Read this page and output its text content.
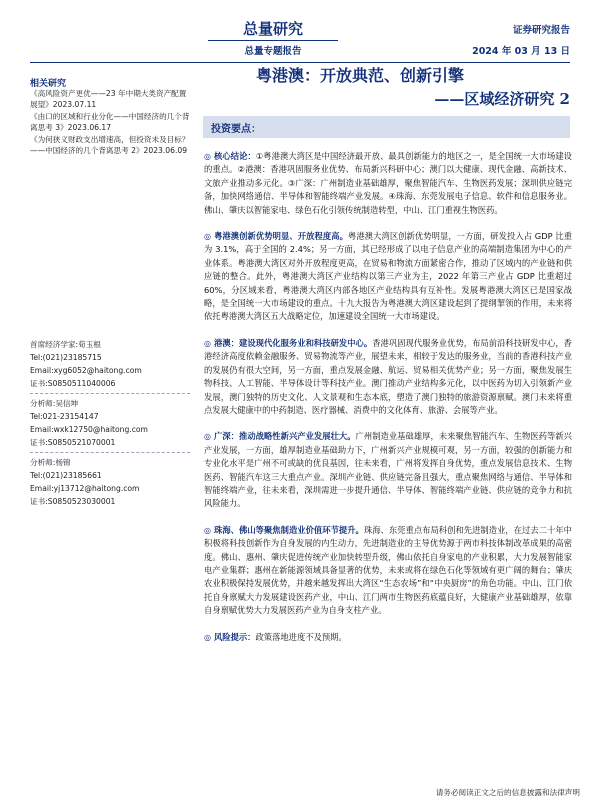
总量研究
总量专题报告
证券研究报告
2024 年 03 月 13 日
粤港澳：开放典范、创新引擎
——区域经济研究 2
相关研究
《高风险资产更优——23 年中期大类资产配置展望》2023.07.11
《由口的区域和行业分化——中国经济的几个背离思考 3》2023.06.17
《为何狭义财政支出增速高，但投资未及目标？——中国经济的几个背离思考 2》2023.06.09
首席经济学家:荀玉根
Tel:(021)23185715
Email:xyg6052@haitong.com
证书:S0850511040006
分析师:吴信坤
Tel:021-23154147
Email:wxk12750@haitong.com
证书:S0850521070001
分析师:杨锦
Tel:(021)23185661
Email:yj13712@haitong.com
证书:S0850523030001
投资要点：

◎ 核心结论：①粤港澳大湾区是中国经济最开放、最具创新能力的地区之一，是全国统一大市场建设的重点。②港澳：香港巩固服务业优势、布局新兴科研中心；澳门以大健康、现代金融、高新技术、文旅产业推动多元化。③广深：广州制造业基础雄厚，聚焦智能汽车、生物医药发展；深圳供应链完备，加快网络通信、半导体和智能终端产业发展。④珠海、东莞发展电子信息、软件和信息服务业。佛山、肇庆以智能家电、绿色石化引领传统制造转型，中山、江门重视生物医药。

◎ 粤港澳创新优势明显、开放程度高。粤港澳大湾区创新优势明显，一方面，研发投入占 GDP 比重为 3.1%，高于全国的 2.4%；另一方面，其已经形成了以电子信息产业的高端制造集团为中心的产业体系。粤港澳大湾区对外开放程度更高，在贸易和物流方面紧密合作，推动了区域内的产业链和供应链的整合。此外，粤港澳大湾区产业结构以第三产业为主，2022 年第三产业占 GDP 比重超过 60%，分区域来看，粤港澳大湾区内部各地区产业结构具有互补性。发展粤港澳大湾区已是国家战略，是全国统一大市场建设的重点。十九大报告为粤港澳大湾区建设起到了提纲挈领的作用，未来将依托粤港澳大湾区五大战略定位，加速建设全国统一大市场建设。

◎ 港澳：建设现代化服务业和科技研发中心。香港巩固现代服务业优势，布局前沿科技研发中心，香港经济高度依赖金融服务、贸易物流等产业，展望未来，相较于发达的服务业，当前的香港科技产业的发展仍有很大空间，另一方面，重点发展金融、航运、贸易相关优势产业；另一方面，聚焦发展生物科技、人工智能、半导体设计等科技产业。澳门推动产业结构多元化，以中医药为切入引领新产业发展，澳门独特的历史文化、人文景观和生态本底，塑造了澳门独特的旅游资源禀赋。澳门未来将重点发展大健康中的中药制造、医疗器械、消费中的文化体育、旅游、会展等产业。

◎ 广深：推动战略性新兴产业发展壮大。广州制造业基础雄厚，未来聚焦智能汽车、生物医药等新兴产业发展，一方面，雄厚制造业基础助力下，广州新兴产业规模可观，另一方面，较强的创新能力和专业化水平是广州不可或缺的优良基因，往未来看，广州将发挥自身优势，重点发展信息技术、生物医药、智能汽车这三大重点产业。深圳产业链、供应链完备且强大，重点聚焦网络与通信、半导体和智能终端产业，往未来看，深圳需进一步提升通信、半导体、智能终端产业链、供应链的竞争力和抗风险能力。

◎ 珠海、佛山等聚焦制造业价值环节提升。珠海、东莞重点布局科创和先进制造业，在过去二十年中积极将科技创新作为自身发展的内生动力，先进制造业的主导优势源于两市科技体制改革成果的高密度。佛山、惠州、肇庆促进传统产业加快转型升级，佛山依托自身家电的产业积累，大力发展智能家电产业集群；惠州在新能源领域具备显著的优势，未来或将在绿色石化等领域有更广阔的舞台；肇庆农业积极保持发展优势，并越来越发挥出大湾区“生态农场”和“中央厨房”的角色功能。中山、江门依托自身禀赋大力发展建设医药产业，中山、江门两市生物医药底蕴良好，大健康产业基础雄厚，依靠自身禀赋优势大力发展医药产业为自身支柱产业。

◎ 风险提示：政策落地进度不及预期。

请务必阅读正文之后的信息披露和法律声明
